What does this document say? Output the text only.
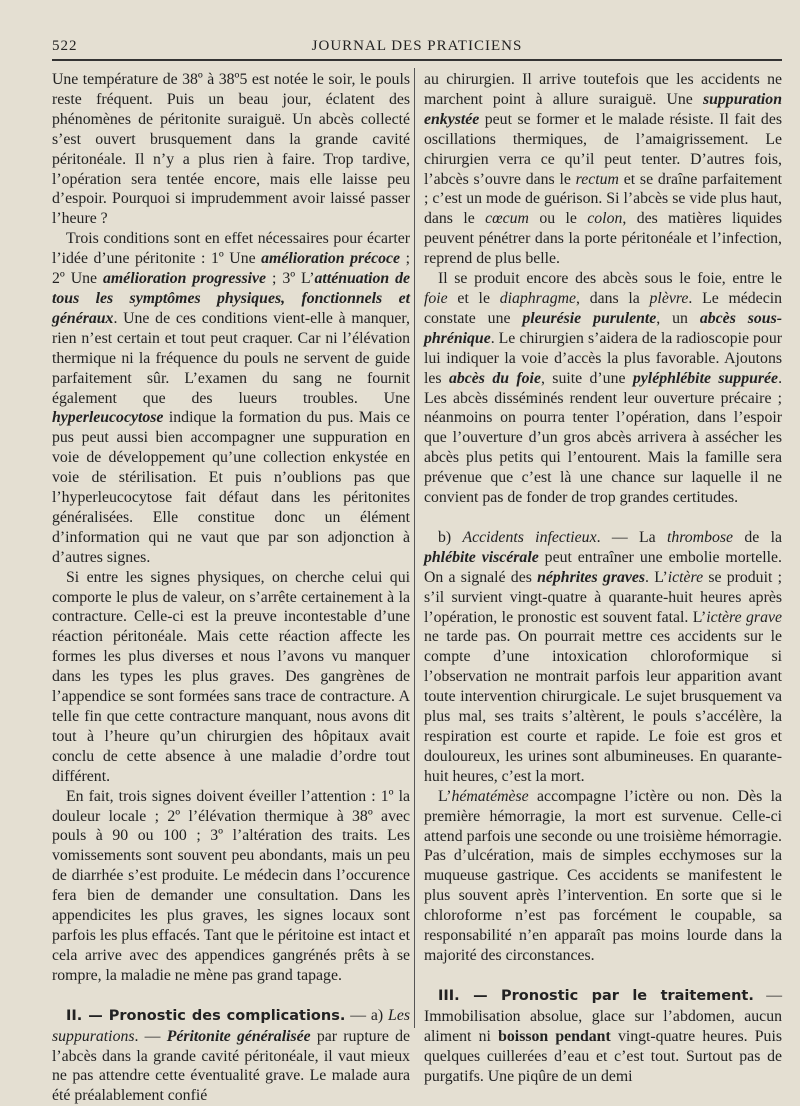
522	JOURNAL DES PRATICIENS

Une température de 38º à 38º5 est notée le soir, le pouls reste fréquent. Puis un beau jour, éclatent des phénomènes de péritonite suraiguë. Un abcès collecté s’est ouvert brusquement dans la grande cavité péritonéale. Il n’y a plus rien à faire. Trop tardive, l’opération sera tentée encore, mais elle laisse peu d’espoir. Pourquoi si imprudemment avoir laissé passer l’heure ?

Trois conditions sont en effet nécessaires pour écarter l’idée d’une péritonite : 1º Une amélioration précoce ; 2º Une amélioration progressive ; 3º L’atténuation de tous les symptômes physiques, fonctionnels et généraux. Une de ces conditions vient-elle à manquer, rien n’est certain et tout peut craquer. Car ni l’élévation thermique ni la fréquence du pouls ne servent de guide parfaitement sûr. L’examen du sang ne fournit également que des lueurs troubles. Une hyperleucocytose indique la formation du pus. Mais ce pus peut aussi bien accompagner une suppuration en voie de développement qu’une collection enkystée en voie de stérilisation. Et puis n’oublions pas que l’hyperleucocytose fait défaut dans les péritonites généralisées. Elle constitue donc un élément d’information qui ne vaut que par son adjonction à d’autres signes.

Si entre les signes physiques, on cherche celui qui comporte le plus de valeur, on s’arrête certainement à la contracture. Celle-ci est la preuve incontestable d’une réaction péritonéale. Mais cette réaction affecte les formes les plus diverses et nous l’avons vu manquer dans les types les plus graves. Des gangrènes de l’appendice se sont formées sans trace de contracture. A telle fin que cette contracture manquant, nous avons dit tout à l’heure qu’un chirurgien des hôpitaux avait conclu de cette absence à une maladie d’ordre tout différent.

En fait, trois signes doivent éveiller l’attention : 1º la douleur locale ; 2º l’élévation thermique à 38º avec pouls à 90 ou 100 ; 3º l’altération des traits. Les vomissements sont souvent peu abondants, mais un peu de diarrhée s’est produite. Le médecin dans l’occurence fera bien de demander une consultation. Dans les appendicites les plus graves, les signes locaux sont parfois les plus effacés. Tant que le péritoine est intact et cela arrive avec des appendices gangrénés prêts à se rompre, la maladie ne mène pas grand tapage.

II. — Pronostic des complications. — a) Les suppurations. — Péritonite généralisée par rupture de l’abcès dans la grande cavité péritonéale, il vaut mieux ne pas attendre cette éventualité grave. Le malade aura été préalablement confié

au chirurgien. Il arrive toutefois que les accidents ne marchent point à allure suraiguë. Une suppuration enkystée peut se former et le malade résiste. Il fait des oscillations thermiques, de l’amaigrissement. Le chirurgien verra ce qu’il peut tenter. D’autres fois, l’abcès s’ouvre dans le rectum et se draîne parfaitement ; c’est un mode de guérison. Si l’abcès se vide plus haut, dans le cœcum ou le colon, des matières liquides peuvent pénétrer dans la porte péritonéale et l’infection, reprend de plus belle.

Il se produit encore des abcès sous le foie, entre le foie et le diaphragme, dans la plèvre. Le médecin constate une pleurésie purulente, un abcès sous-phrénique. Le chirurgien s’aidera de la radioscopie pour lui indiquer la voie d’accès la plus favorable. Ajoutons les abcès du foie, suite d’une pyléphlébite suppurée. Les abcès disséminés rendent leur ouverture précaire ; néanmoins on pourra tenter l’opération, dans l’espoir que l’ouverture d’un gros abcès arrivera à assécher les abcès plus petits qui l’entourent. Mais la famille sera prévenue que c’est là une chance sur laquelle il ne convient pas de fonder de trop grandes certitudes.

b) Accidents infectieux. — La thrombose de la phlébite viscérale peut entraîner une embolie mortelle. On a signalé des néphrites graves. L’ictère se produit ; s’il survient vingt-quatre à quarante-huit heures après l’opération, le pronostic est souvent fatal. L’ictère grave ne tarde pas. On pourrait mettre ces accidents sur le compte d’une intoxication chloroformique si l’observation ne montrait parfois leur apparition avant toute intervention chirurgicale. Le sujet brusquement va plus mal, ses traits s’altèrent, le pouls s’accélère, la respiration est courte et rapide. Le foie est gros et douloureux, les urines sont albumineuses. En quarante-huit heures, c’est la mort.

L’hématémèse accompagne l’ictère ou non. Dès la première hémorragie, la mort est survenue. Celle-ci attend parfois une seconde ou une troisième hémorragie. Pas d’ulcération, mais de simples ecchymoses sur la muqueuse gastrique. Ces accidents se manifestent le plus souvent après l’intervention. En sorte que si le chloroforme n’est pas forcément le coupable, sa responsabilité n’en apparaît pas moins lourde dans la majorité des circonstances.

III. — Pronostic par le traitement. — Immobilisation absolue, glace sur l’abdomen, aucun aliment ni boisson pendant vingt-quatre heures. Puis quelques cuillerées d’eau et c’est tout. Surtout pas de purgatifs. Une piqûre de un demi
